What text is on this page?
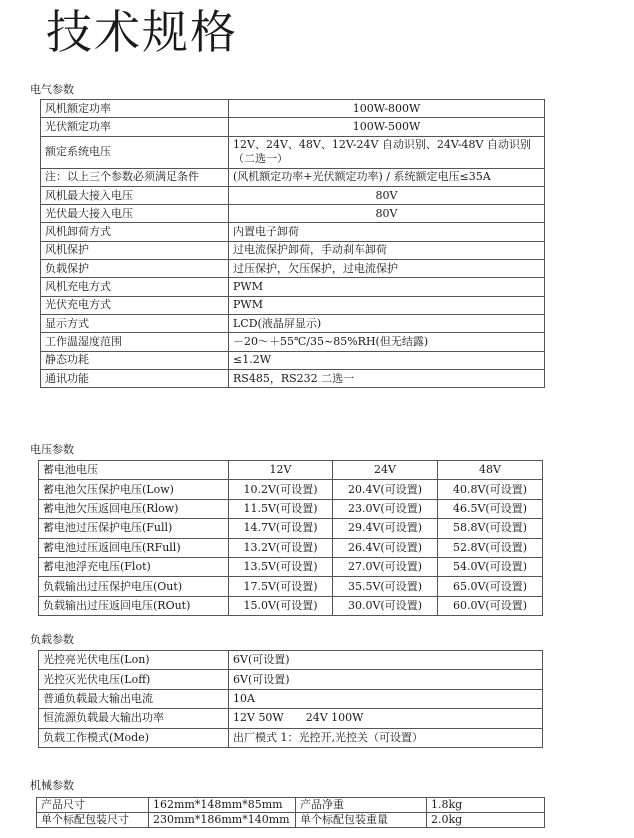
技术规格
电气参数
风机额定功率	100W-800W
光伏额定功率	100W-500W
额定系统电压	12V、24V、48V、12V-24V 自动识别、24V-48V 自动识别（二选一）
注：以上三个参数必须满足条件	(风机额定功率+光伏额定功率) / 系统额定电压≤35A
风机最大接入电压	80V
光伏最大接入电压	80V
风机卸荷方式	内置电子卸荷
风机保护	过电流保护卸荷，手动刹车卸荷
负载保护	过压保护，欠压保护，过电流保护
风机充电方式	PWM
光伏充电方式	PWM
显示方式	LCD(液晶屏显示)
工作温湿度范围	－20～＋55℃/35~85%RH(但无结露)
静态功耗	≤1.2W
通讯功能	RS485，RS232 二选一
电压参数
蓄电池电压	12V	24V	48V
蓄电池欠压保护电压(Low)	10.2V(可设置)	20.4V(可设置)	40.8V(可设置)
蓄电池欠压返回电压(Rlow)	11.5V(可设置)	23.0V(可设置)	46.5V(可设置)
蓄电池过压保护电压(Full)	14.7V(可设置)	29.4V(可设置)	58.8V(可设置)
蓄电池过压返回电压(RFull)	13.2V(可设置)	26.4V(可设置)	52.8V(可设置)
蓄电池浮充电压(Flot)	13.5V(可设置)	27.0V(可设置)	54.0V(可设置)
负载输出过压保护电压(Out)	17.5V(可设置)	35.5V(可设置)	65.0V(可设置)
负载输出过压返回电压(ROut)	15.0V(可设置)	30.0V(可设置)	60.0V(可设置)
负载参数
光控亮光伏电压(Lon)	6V(可设置)
光控灭光伏电压(Loff)	6V(可设置)
普通负载最大输出电流	10A
恒流源负载最大输出功率	12V 50W　　24V 100W
负载工作模式(Mode)	出厂模式 1：光控开,光控关（可设置）
机械参数
产品尺寸	162mm*148mm*85mm	产品净重	1.8kg
单个标配包装尺寸	230mm*186mm*140mm	单个标配包装重量	2.0kg
